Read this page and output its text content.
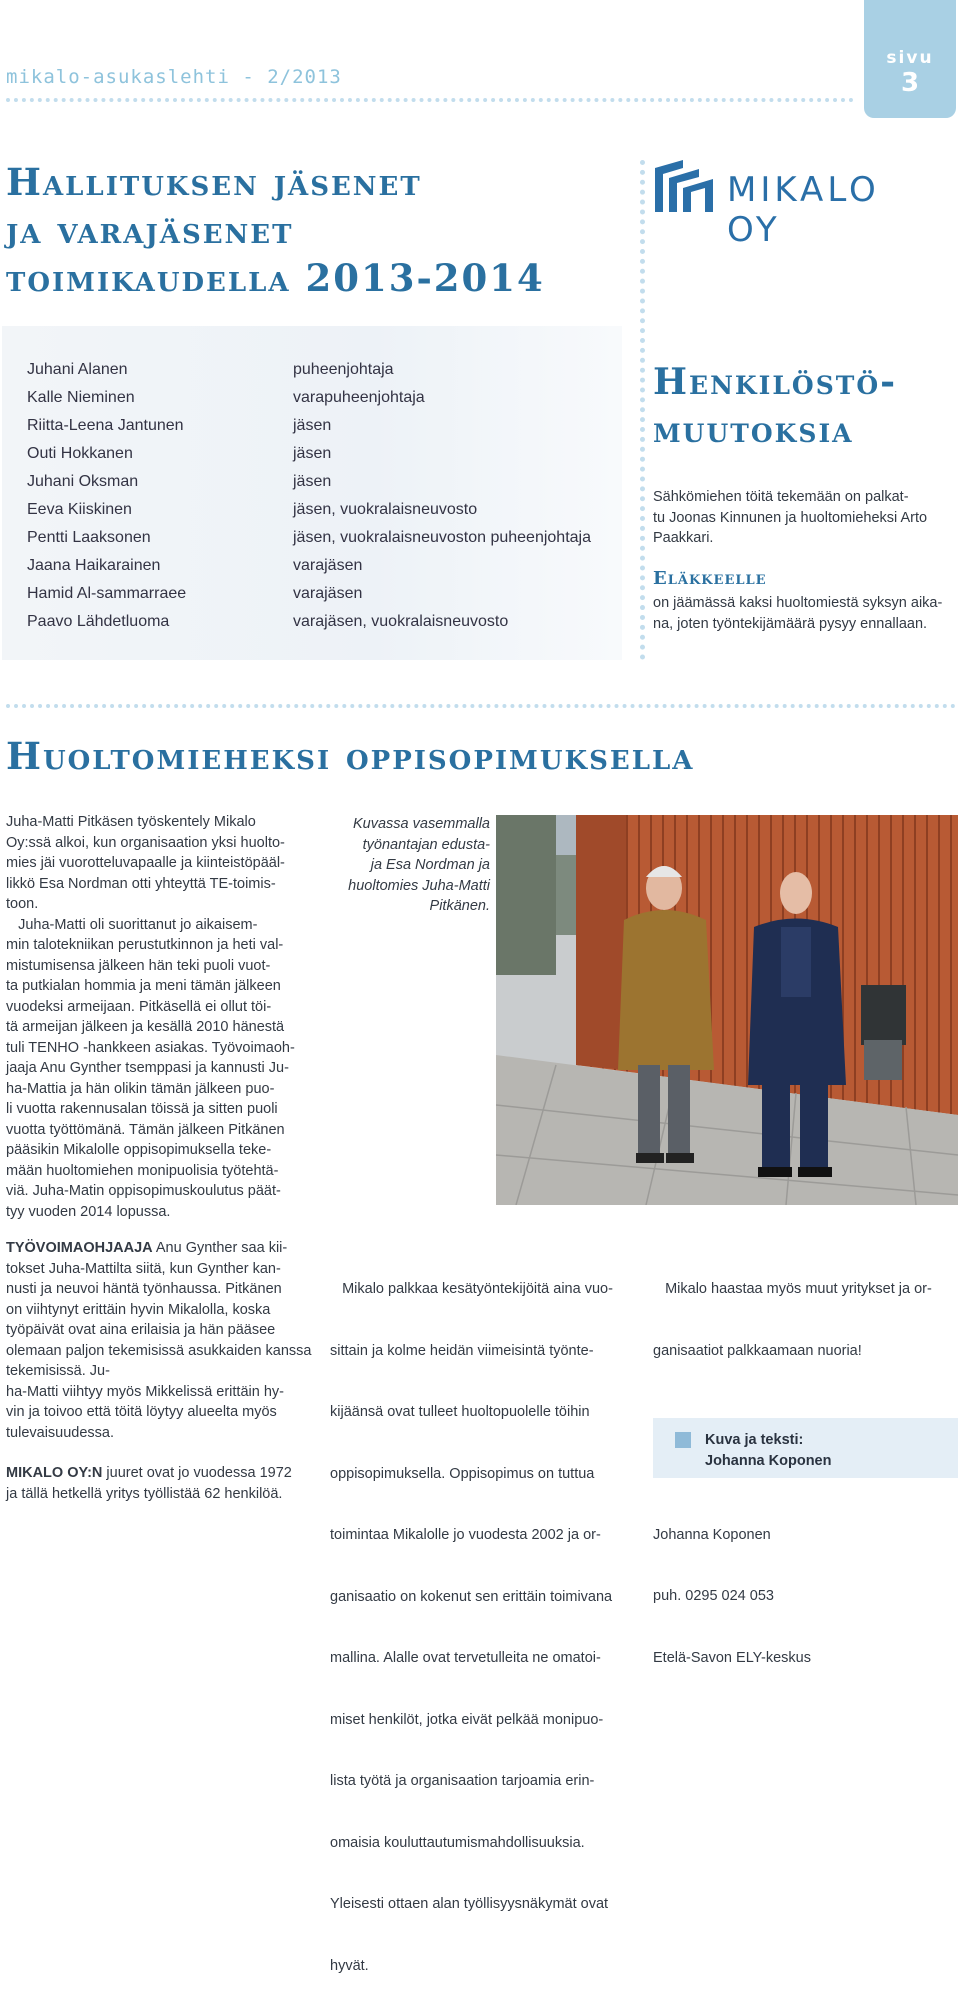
mikalo-asukaslehti - 2/2013
sivu
3
Hallituksen jäsenet
ja varajäsenet
toimikaudella 2013-2014
MIKALO OY
Juhani Alanen	puheenjohtaja
Kalle Nieminen	varapuheenjohtaja
Riitta-Leena Jantunen	jäsen
Outi Hokkanen	jäsen
Juhani Oksman	jäsen
Eeva Kiiskinen	jäsen, vuokralaisneuvosto
Pentti Laaksonen	jäsen, vuokralaisneuvoston puheenjohtaja
Jaana Haikarainen	varajäsen
Hamid Al-sammarraee	varajäsen
Paavo Lähdetluoma	varajäsen, vuokralaisneuvosto
Henkilöstö-
muutoksia
Sähkömiehen töitä tekemään on palkat-
tu Joonas Kinnunen ja huoltomieheksi Arto
Paakkari.
Eläkkeelle
on jäämässä kaksi huoltomiestä syksyn aika-
na, joten työntekijämäärä pysyy ennallaan.
Huoltomieheksi oppisopimuksella
Juha-Matti Pitkäsen työskentely Mikalo
Oy:ssä alkoi, kun organisaation yksi huolto-
mies jäi vuorotteluvapaalle ja kiinteistöpääl-
likkö Esa Nordman otti yhteyttä TE-toimis-
toon.
Juha-Matti oli suorittanut jo aikaisem-
min talotekniikan perustutkinnon ja heti val-
mistumisensa jälkeen hän teki puoli vuot-
ta putkialan hommia ja meni tämän jälkeen
vuodeksi armeijaan. Pitkäsellä ei ollut töi-
tä armeijan jälkeen ja kesällä 2010 hänestä
tuli TENHO -hankkeen asiakas. Työvoimaoh-
jaaja Anu Gynther tsemppasi ja kannusti Ju-
ha-Mattia ja hän olikin tämän jälkeen puo-
li vuotta rakennusalan töissä ja sitten puoli
vuotta työttömänä. Tämän jälkeen Pitkänen
pääsikin Mikalolle oppisopimuksella teke-
mään huoltomiehen monipuolisia työtehtä-
viä. Juha-Matin oppisopimuskoulutus päät-
tyy vuoden 2014 lopussa.
Kuvassa vasemmalla
työnantajan edusta-
ja Esa Nordman ja
huoltomies Juha-Matti
Pitkänen.
TYÖVOIMAOHJAAJA Anu Gynther saa kii-
tokset Juha-Mattilta siitä, kun Gynther kan-
nusti ja neuvoi häntä työnhaussa. Pitkänen
on viihtynyt erittäin hyvin Mikalolla, koska
työpäivät ovat aina erilaisia ja hän pääsee
olemaan paljon tekemisissä asukkaiden kanssa tekemisissä. Ju-
ha-Matti viihtyy myös Mikkelissä erittäin hy-
vin ja toivoo että töitä löytyy alueelta myös
tulevaisuudessa.
MIKALO OY:N juuret ovat jo vuodessa 1972
ja tällä hetkellä yritys työllistää 62 henkilöä.

Mikalo palkkaa kesätyöntekijöitä aina vuo-

sittain ja kolme heidän viimeisintä työnte-

kijäänsä ovat tulleet huoltopuolelle töihin

oppisopimuksella. Oppisopimus on tuttua

toimintaa Mikalolle jo vuodesta 2002 ja or-

ganisaatio on kokenut sen erittäin toimivana

mallina. Alalle ovat tervetulleita ne omatoi-

miset henkilöt, jotka eivät pelkää monipuo-

lista työtä ja organisaation tarjoamia erin-

omaisia kouluttautumismahdollisuuksia.

Yleisesti ottaen alan työllisyysnäkymät ovat

hyvät.

Mikalo haastaa myös muut yritykset ja or-

ganisaatiot palkkaamaan nuoria!

Johanna Koponen

puh. 0295 024 053

Etelä-Savon ELY-keskus

Kuva ja teksti:
Johanna Koponen
